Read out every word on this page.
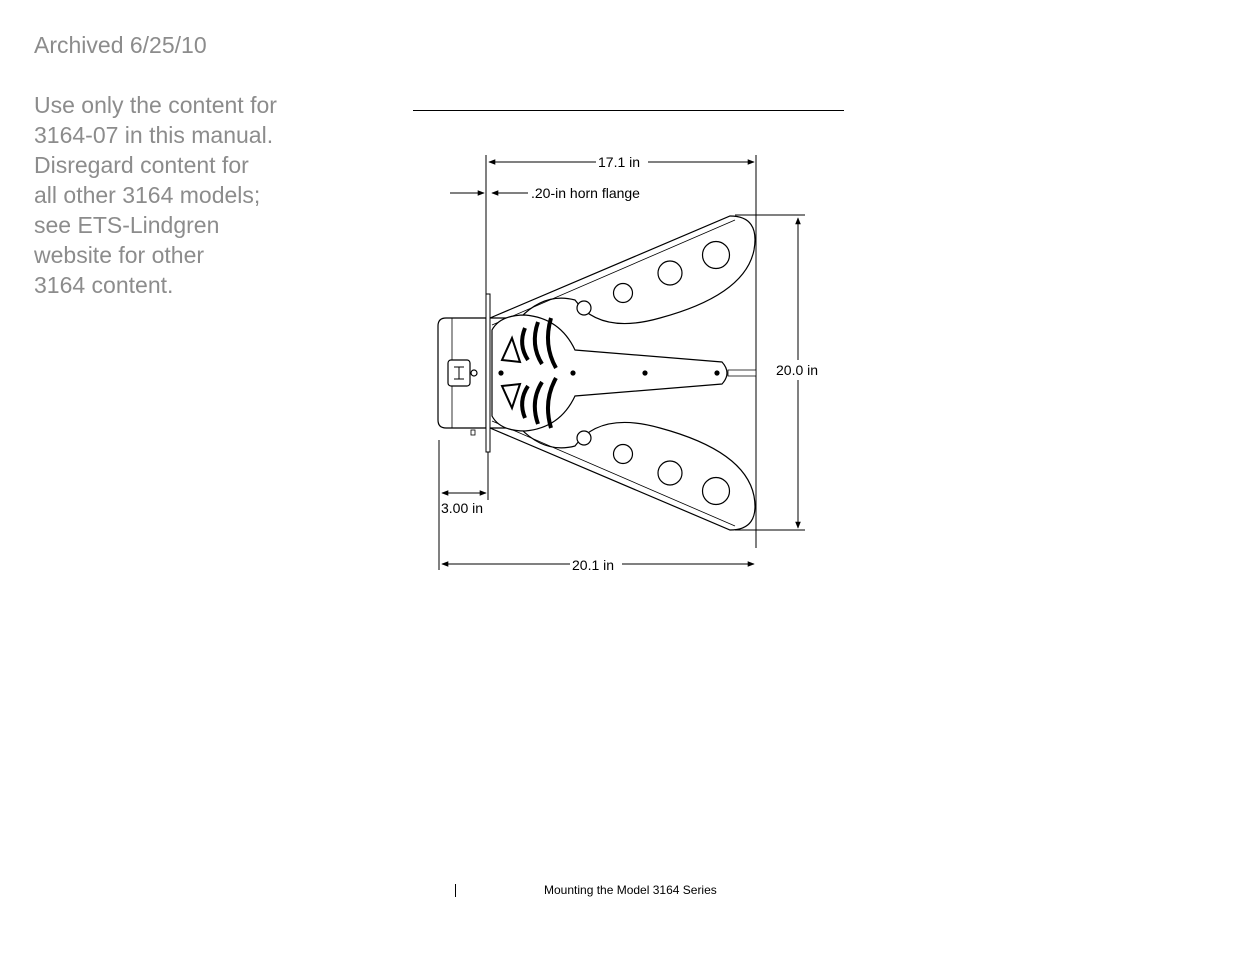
Archived 6/25/10
Use only the content for
3164-07 in this manual.
Disregard content for
all other 3164 models;
see ETS-Lindgren
website for other
3164 content.
17.1 in
.20-in horn flange
20.0 in
3.00 in
20.1 in
Mounting the Model 3164 Series
